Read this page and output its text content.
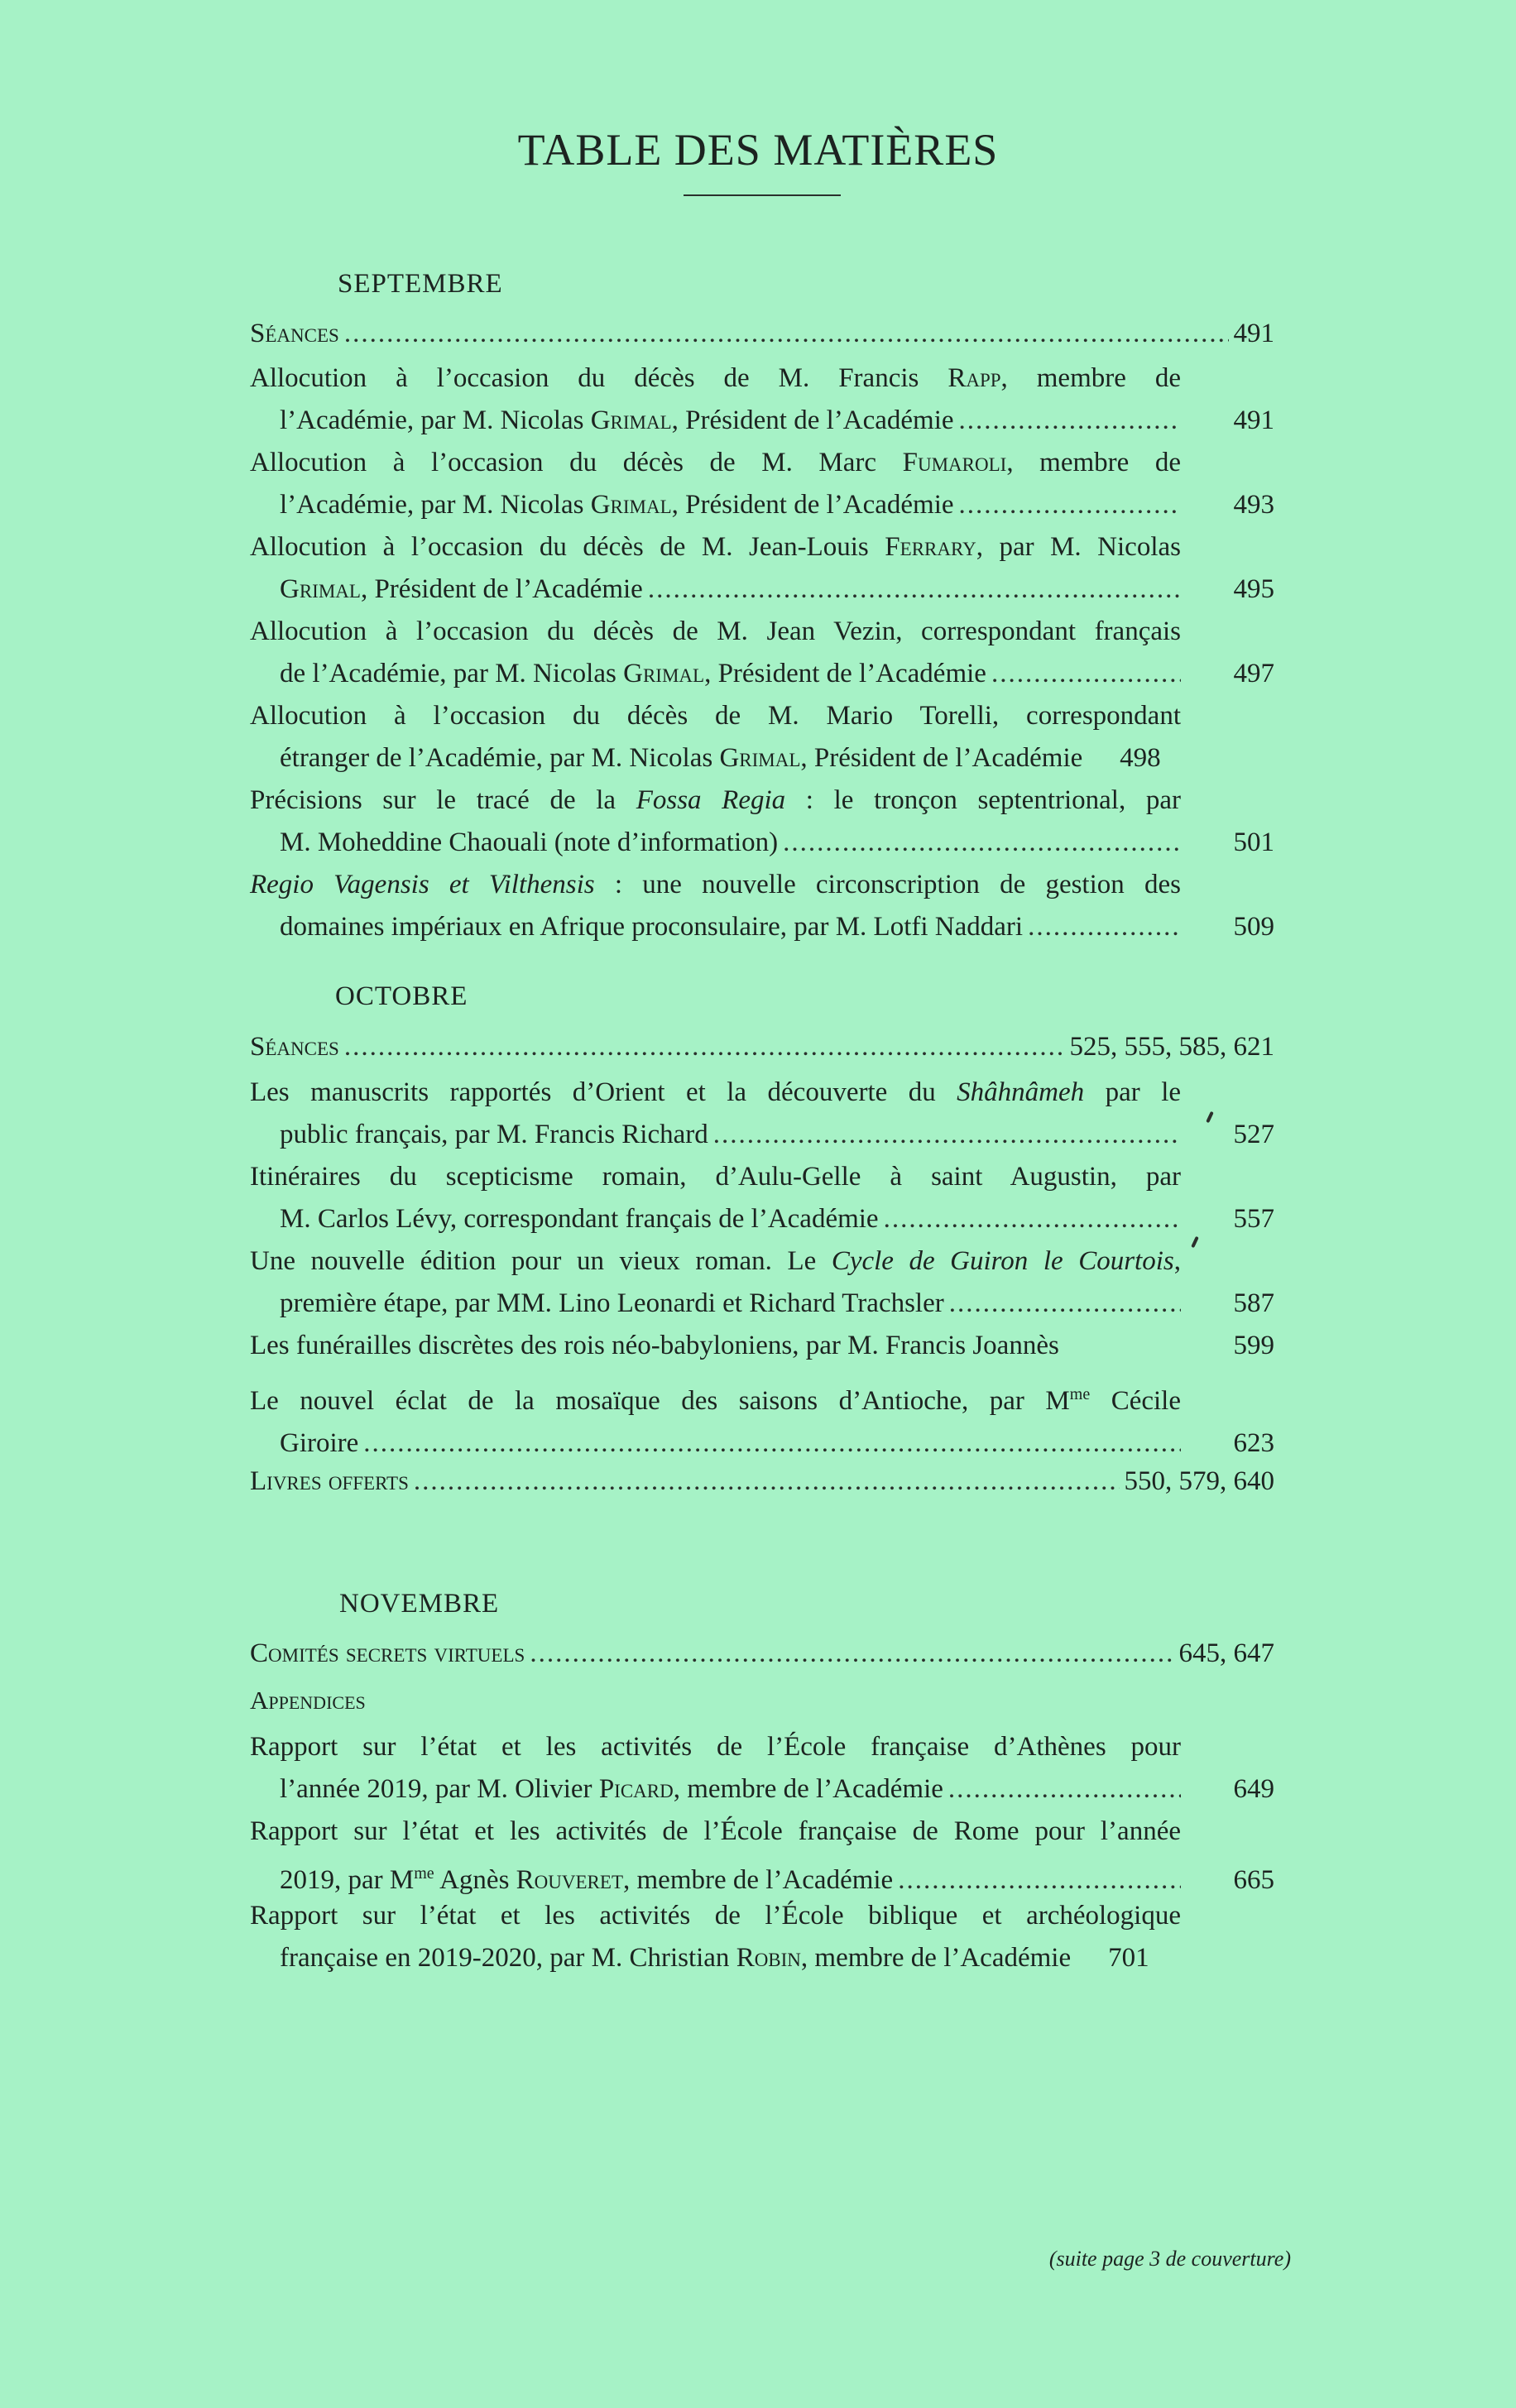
TABLE DES MATIÈRES
SEPTEMBRE
Séances .....	491
Allocution à l’occasion du décès de M. Francis Rapp, membre de
l’Académie, par M. Nicolas Grimal, Président de l’Académie .....	491
Allocution à l’occasion du décès de M. Marc Fumaroli, membre de
l’Académie, par M. Nicolas Grimal, Président de l’Académie .....	493
Allocution à l’occasion du décès de M. Jean-Louis Ferrary, par M. Nicolas
Grimal, Président de l’Académie .....	495
Allocution à l’occasion du décès de M. Jean Vezin, correspondant français
de l’Académie, par M. Nicolas Grimal, Président de l’Académie .....	497
Allocution à l’occasion du décès de M. Mario Torelli, correspondant
étranger de l’Académie, par M. Nicolas Grimal, Président de l’Académie .....	498
Précisions sur le tracé de la Fossa Regia : le tronçon septentrional, par
M. Moheddine Chaouali (note d’information) .....	501
Regio Vagensis et Vilthensis : une nouvelle circonscription de gestion des
domaines impériaux en Afrique proconsulaire, par M. Lotfi Naddari .....	509
OCTOBRE
Séances .....	525, 555, 585, 621
Les manuscrits rapportés d’Orient et la découverte du Shâhnâmeh par le
public français, par M. Francis Richard .....	527
Itinéraires du scepticisme romain, d’Aulu-Gelle à saint Augustin, par
M. Carlos Lévy, correspondant français de l’Académie .....	557
Une nouvelle édition pour un vieux roman. Le Cycle de Guiron le Courtois,
première étape, par MM. Lino Leonardi et Richard Trachsler .....	587
Les funérailles discrètes des rois néo-babyloniens, par M. Francis Joannès	599
Le nouvel éclat de la mosaïque des saisons d’Antioche, par $M^{me}$ Cécile
Giroire .....	623
Livres offerts .....	550, 579, 640
NOVEMBRE
Comités secrets virtuels .....	645, 647
Appendices
Rapport sur l’état et les activités de l’École française d’Athènes pour
l’année 2019, par M. Olivier Picard, membre de l’Académie .....	649
Rapport sur l’état et les activités de l’École française de Rome pour l’année
2019, par $M^{me}$ Agnès Rouveret, membre de l’Académie .....	665
Rapport sur l’état et les activités de l’École biblique et archéologique
française en 2019-2020, par M. Christian Robin, membre de l’Académie .....	701
(suite page 3 de couverture)
